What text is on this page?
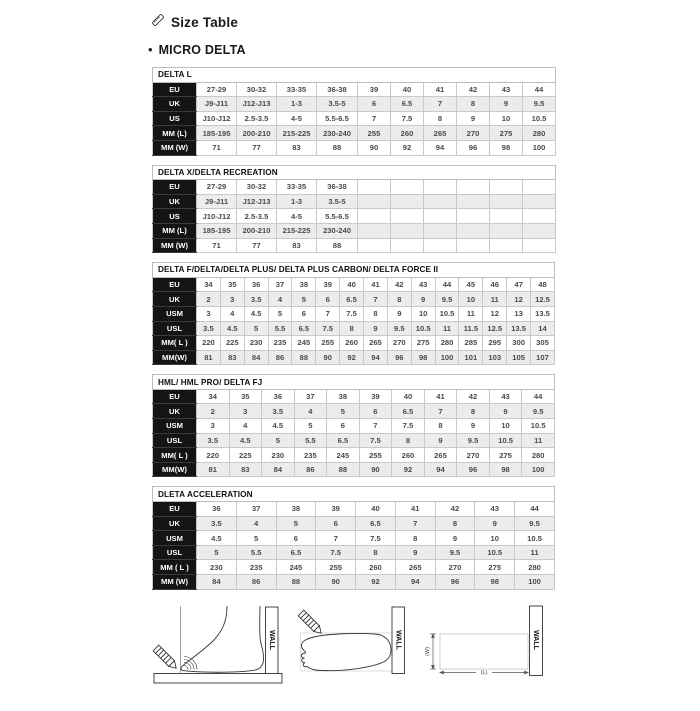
Size Table
• MICRO DELTA
DELTA L										
EU	27-29	30-32	33-35	36-38	39	40	41	42	43	44
UK	J9-J11	J12-J13	1-3	3.5-5	6	6.5	7	8	9	9.5
US	J10-J12	2.5-3.5	4-5	5.5-6.5	7	7.5	8	9	10	10.5
MM (L)	185-195	200-210	215-225	230-240	255	260	265	270	275	280
MM (W)	71	77	83	88	90	92	94	96	98	100
DELTA X/DELTA RECREATION										
EU	27-29	30-32	33-35	36-38						
UK	J9-J11	J12-J13	1-3	3.5-5						
US	J10-J12	2.5-3.5	4-5	5.5-6.5						
MM (L)	185-195	200-210	215-225	230-240						
MM (W)	71	77	83	88						
DELTA F/DELTA/DELTA PLUS/ DELTA PLUS CARBON/ DELTA FORCE II															
EU	34	35	36	37	38	39	40	41	42	43	44	45	46	47	48
UK	2	3	3.5	4	5	6	6.5	7	8	9	9.5	10	11	12	12.5
USM	3	4	4.5	5	6	7	7.5	8	9	10	10.5	11	12	13	13.5
USL	3.5	4.5	5	5.5	6.5	7.5	8	9	9.5	10.5	11	11.5	12.5	13.5	14
MM( L )	220	225	230	235	245	255	260	265	270	275	280	285	295	300	305
MM(W)	81	83	84	86	88	90	92	94	96	98	100	101	103	105	107
HML/ HML PRO/ DELTA FJ											
EU	34	35	36	37	38	39	40	41	42	43	44
UK	2	3	3.5	4	5	6	6.5	7	8	9	9.5
USM	3	4	4.5	5	6	7	7.5	8	9	10	10.5
USL	3.5	4.5	5	5.5	6.5	7.5	8	9	9.5	10.5	11
MM( L )	220	225	230	235	245	255	260	265	270	275	280
MM(W)	81	83	84	86	88	90	92	94	96	98	100
DLETA ACCELERATION									
EU	36	37	38	39	40	41	42	43	44
UK	3.5	4	5	6	6.5	7	8	9	9.5
USM	4.5	5	6	7	7.5	8	9	10	10.5
USL	5	5.5	6.5	7.5	8	9	9.5	10.5	11
MM ( L )	230	235	245	255	260	265	270	275	280
MM (W)	84	86	88	90	92	94	96	98	100
WALL	WALL
(W)
(L)
WALL
